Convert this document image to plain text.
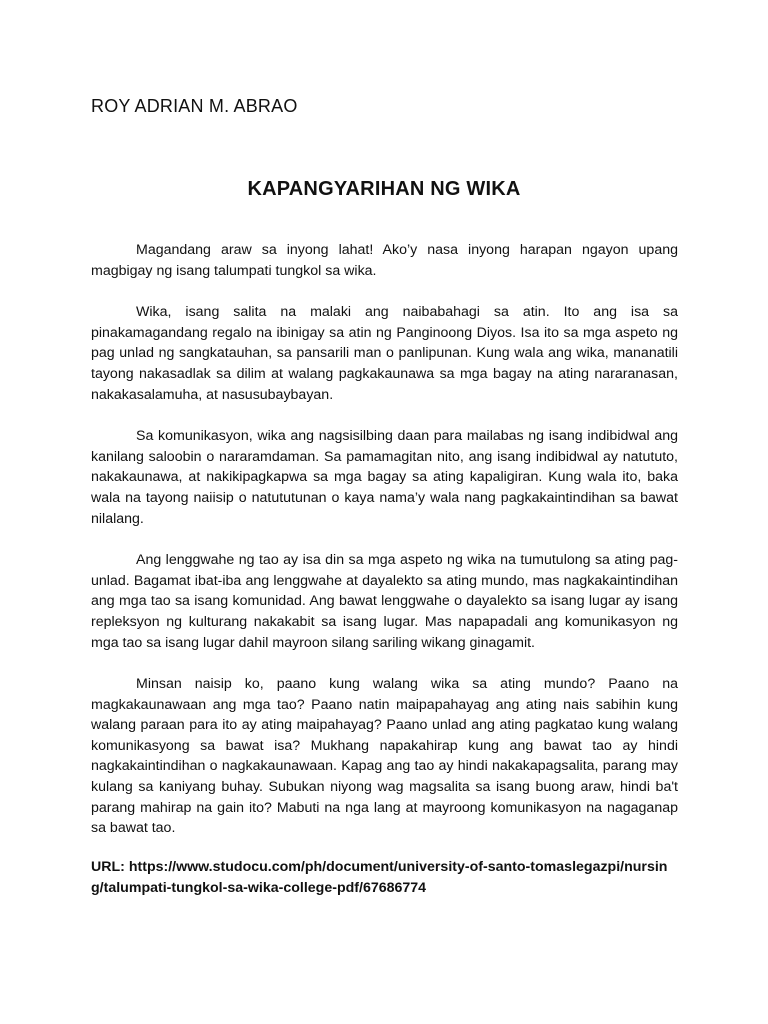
ROY ADRIAN M. ABRAO

KAPANGYARIHAN NG WIKA

Magandang araw sa inyong lahat! Ako’y nasa inyong harapan ngayon upang magbigay ng isang talumpati tungkol sa wika.

Wika, isang salita na malaki ang naibabahagi sa atin. Ito ang isa sa pinakamagandang regalo na ibinigay sa atin ng Panginoong Diyos. Isa ito sa mga aspeto ng pag unlad ng sangkatauhan, sa pansarili man o panlipunan. Kung wala ang wika, mananatili tayong nakasadlak sa dilim at walang pagkakaunawa sa mga bagay na ating nararanasan, nakakasalamuha, at nasusubaybayan.

Sa komunikasyon, wika ang nagsisilbing daan para mailabas ng isang indibidwal ang kanilang saloobin o nararamdaman. Sa pamamagitan nito, ang isang indibidwal ay natututo, nakakaunawa, at nakikipagkapwa sa mga bagay sa ating kapaligiran. Kung wala ito, baka wala na tayong naiisip o natututunan o kaya nama’y wala nang pagkakaintindihan sa bawat nilalang.

Ang lenggwahe ng tao ay isa din sa mga aspeto ng wika na tumutulong sa ating pag-unlad. Bagamat ibat-iba ang lenggwahe at dayalekto sa ating mundo, mas nagkakaintindihan ang mga tao sa isang komunidad. Ang bawat lenggwahe o dayalekto sa isang lugar ay isang repleksyon ng kulturang nakakabit sa isang lugar. Mas napapadali ang komunikasyon ng mga tao sa isang lugar dahil mayroon silang sariling wikang ginagamit.

Minsan naisip ko, paano kung walang wika sa ating mundo? Paano na magkakaunawaan ang mga tao? Paano natin maipapahayag ang ating nais sabihin kung walang paraan para ito ay ating maipahayag? Paano unlad ang ating pagkatao kung walang komunikasyong sa bawat isa? Mukhang napakahirap kung ang bawat tao ay hindi nagkakaintindihan o nagkakaunawaan. Kapag ang tao ay hindi nakakapagsalita, parang may kulang sa kaniyang buhay. Subukan niyong wag magsalita sa isang buong araw, hindi ba't parang mahirap na gain ito? Mabuti na nga lang at mayroong komunikasyon na nagaganap sa bawat tao.

URL: https://www.studocu.com/ph/document/university-of-santo-tomaslegazpi/nursing/talumpati-tungkol-sa-wika-college-pdf/67686774
